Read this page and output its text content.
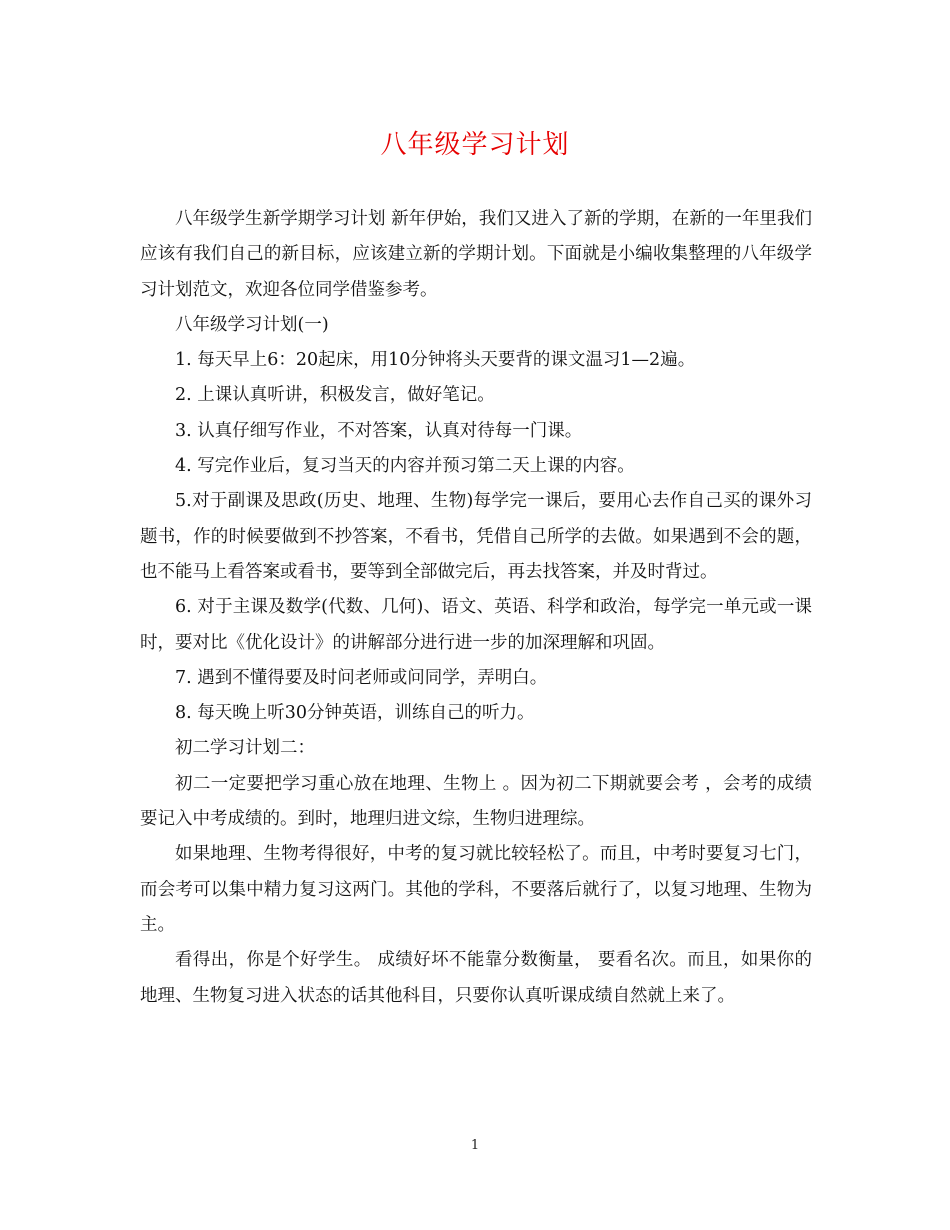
八年级学习计划

八年级学生新学期学习计划 新年伊始，我们又进入了新的学期，在新的一年里我们应该有我们自己的新目标，应该建立新的学期计划。下面就是小编收集整理的八年级学习计划范文，欢迎各位同学借鉴参考。

八年级学习计划(一)

1. 每天早上6：20起床，用10分钟将头天要背的课文温习1—2遍。

2. 上课认真听讲，积极发言，做好笔记。

3. 认真仔细写作业，不对答案，认真对待每一门课。

4. 写完作业后，复习当天的内容并预习第二天上课的内容。

5.对于副课及思政(历史、地理、生物)每学完一课后，要用心去作自己买的课外习题书，作的时候要做到不抄答案，不看书，凭借自己所学的去做。如果遇到不会的题，也不能马上看答案或看书，要等到全部做完后，再去找答案，并及时背过。

6. 对于主课及数学(代数、几何)、语文、英语、科学和政治，每学完一单元或一课时，要对比《优化设计》的讲解部分进行进一步的加深理解和巩固。

7. 遇到不懂得要及时问老师或问同学，弄明白。

8. 每天晚上听30分钟英语，训练自己的听力。

初二学习计划二：

初二一定要把学习重心放在地理、生物上 。因为初二下期就要会考 ，会考的成绩要记入中考成绩的。到时，地理归进文综，生物归进理综。

如果地理、生物考得很好，中考的复习就比较轻松了。而且，中考时要复习七门，而会考可以集中精力复习这两门。其他的学科，不要落后就行了，以复习地理、生物为主。

看得出，你是个好学生。 成绩好坏不能靠分数衡量， 要看名次。而且，如果你的地理、生物复习进入状态的话其他科目，只要你认真听课成绩自然就上来了。

1
